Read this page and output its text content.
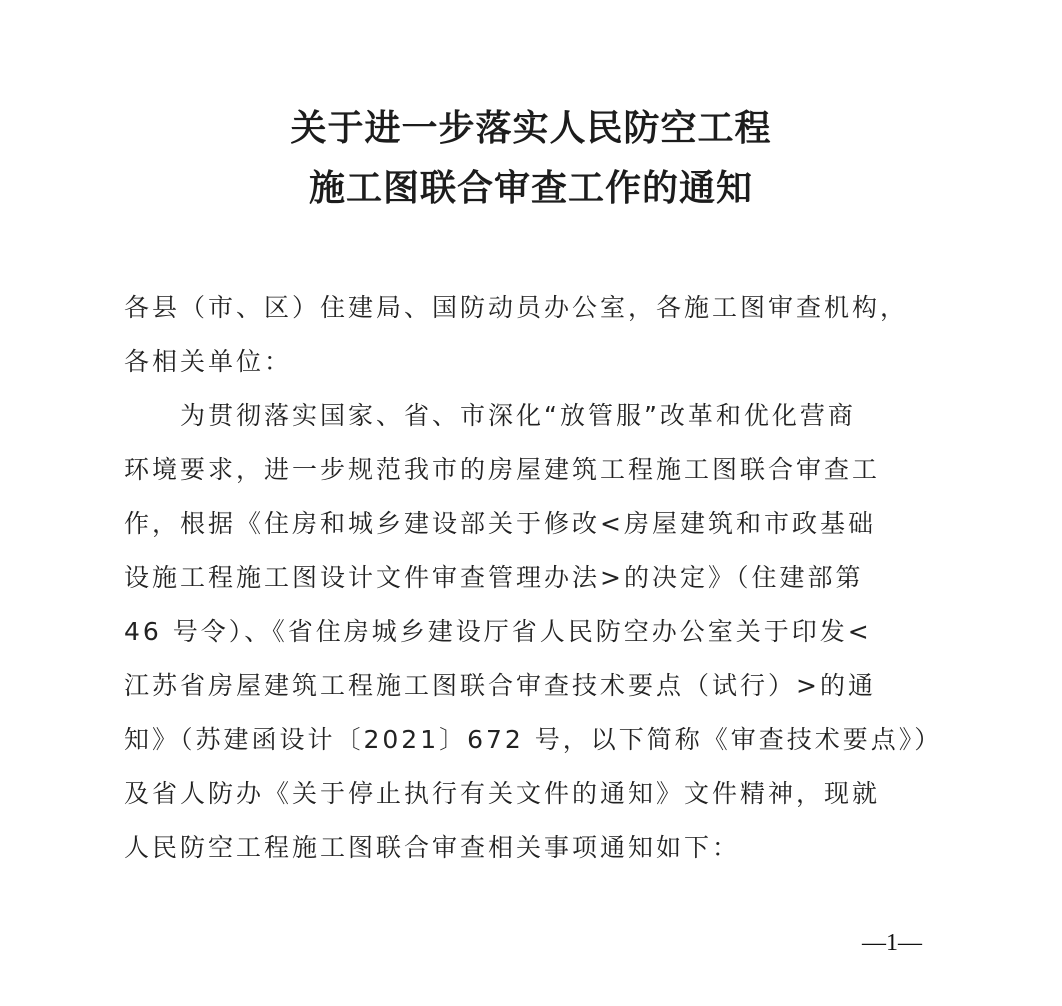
关于进一步落实人民防空工程
施工图联合审查工作的通知
各县（市、区）住建局、国防动员办公室，各施工图审查机构，
各相关单位：
为贯彻落实国家、省、市深化“放管服”改革和优化营商
环境要求，进一步规范我市的房屋建筑工程施工图联合审查工
作，根据《住房和城乡建设部关于修改<房屋建筑和市政基础
设施工程施工图设计文件审查管理办法>的决定》（住建部第
46 号令）、《省住房城乡建设厅省人民防空办公室关于印发<
江苏省房屋建筑工程施工图联合审查技术要点（试行）>的通
知》（苏建函设计〔2021〕672 号，以下简称《审查技术要点》）
及省人防办《关于停止执行有关文件的通知》文件精神，现就
人民防空工程施工图联合审查相关事项通知如下：
—1—
